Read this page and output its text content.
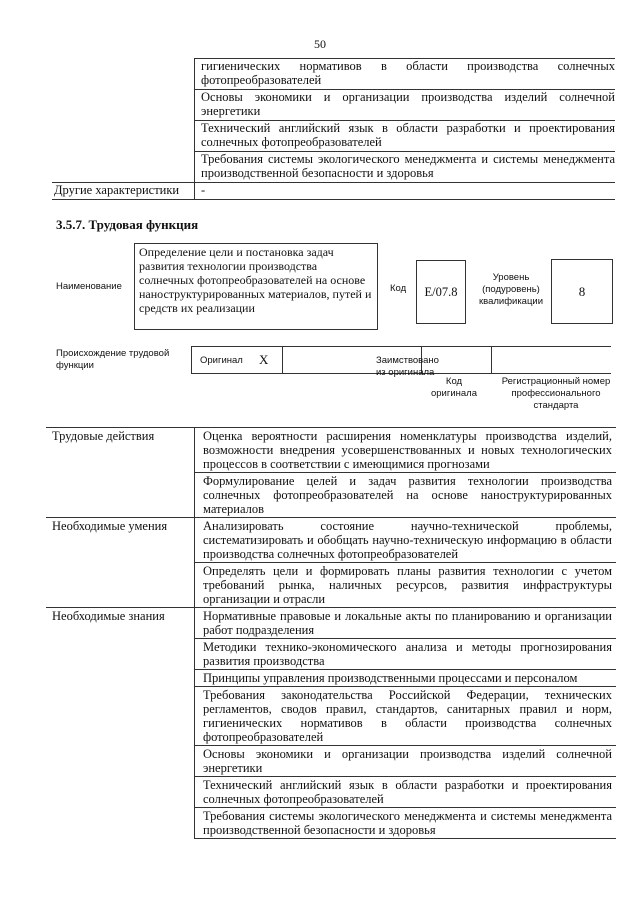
50
	гигиенических нормативов в области производства солнечных фотопреобразователей
	Основы экономики и организации производства изделий солнечной энергетики
	Технический английский язык в области разработки и проектирования солнечных фотопреобразователей
	Требования системы экологического менеджмента и системы менеджмента производственной безопасности и здоровья
Другие характеристики	-
3.5.7. Трудовая функция
Наименование
Определение цели и постановка задач развития технологии производства солнечных фотопреобразователей на основе наноструктурированных материалов, путей и средств их реализации
Код	E/07.8
Уровень (подуровень) квалификации
8
Происхождение трудовой функции	Оригинал X	Заимствовано из оригинала
Код оригинала
Регистрационный номер профессионального стандарта
Трудовые действия	Оценка вероятности расширения номенклатуры производства изделий, возможности внедрения усовершенствованных и новых технологических процессов в соответствии с имеющимися прогнозами
	Формулирование целей и задач развития технологии производства солнечных фотопреобразователей на основе наноструктурированных материалов
Необходимые умения	Анализировать состояние научно-технической проблемы, систематизировать и обобщать научно-техническую информацию в области производства солнечных фотопреобразователей
	Определять цели и формировать планы развития технологии с учетом требований рынка, наличных ресурсов, развития инфраструктуры организации и отрасли
Необходимые знания	Нормативные правовые и локальные акты по планированию и организации работ подразделения
	Методики технико-экономического анализа и методы прогнозирования развития производства
	Принципы управления производственными процессами и персоналом
	Требования законодательства Российской Федерации, технических регламентов, сводов правил, стандартов, санитарных правил и норм, гигиенических нормативов в области производства солнечных фотопреобразователей
	Основы экономики и организации производства изделий солнечной энергетики
	Технический английский язык в области разработки и проектирования солнечных фотопреобразователей
	Требования системы экологического менеджмента и системы менеджмента производственной безопасности и здоровья
